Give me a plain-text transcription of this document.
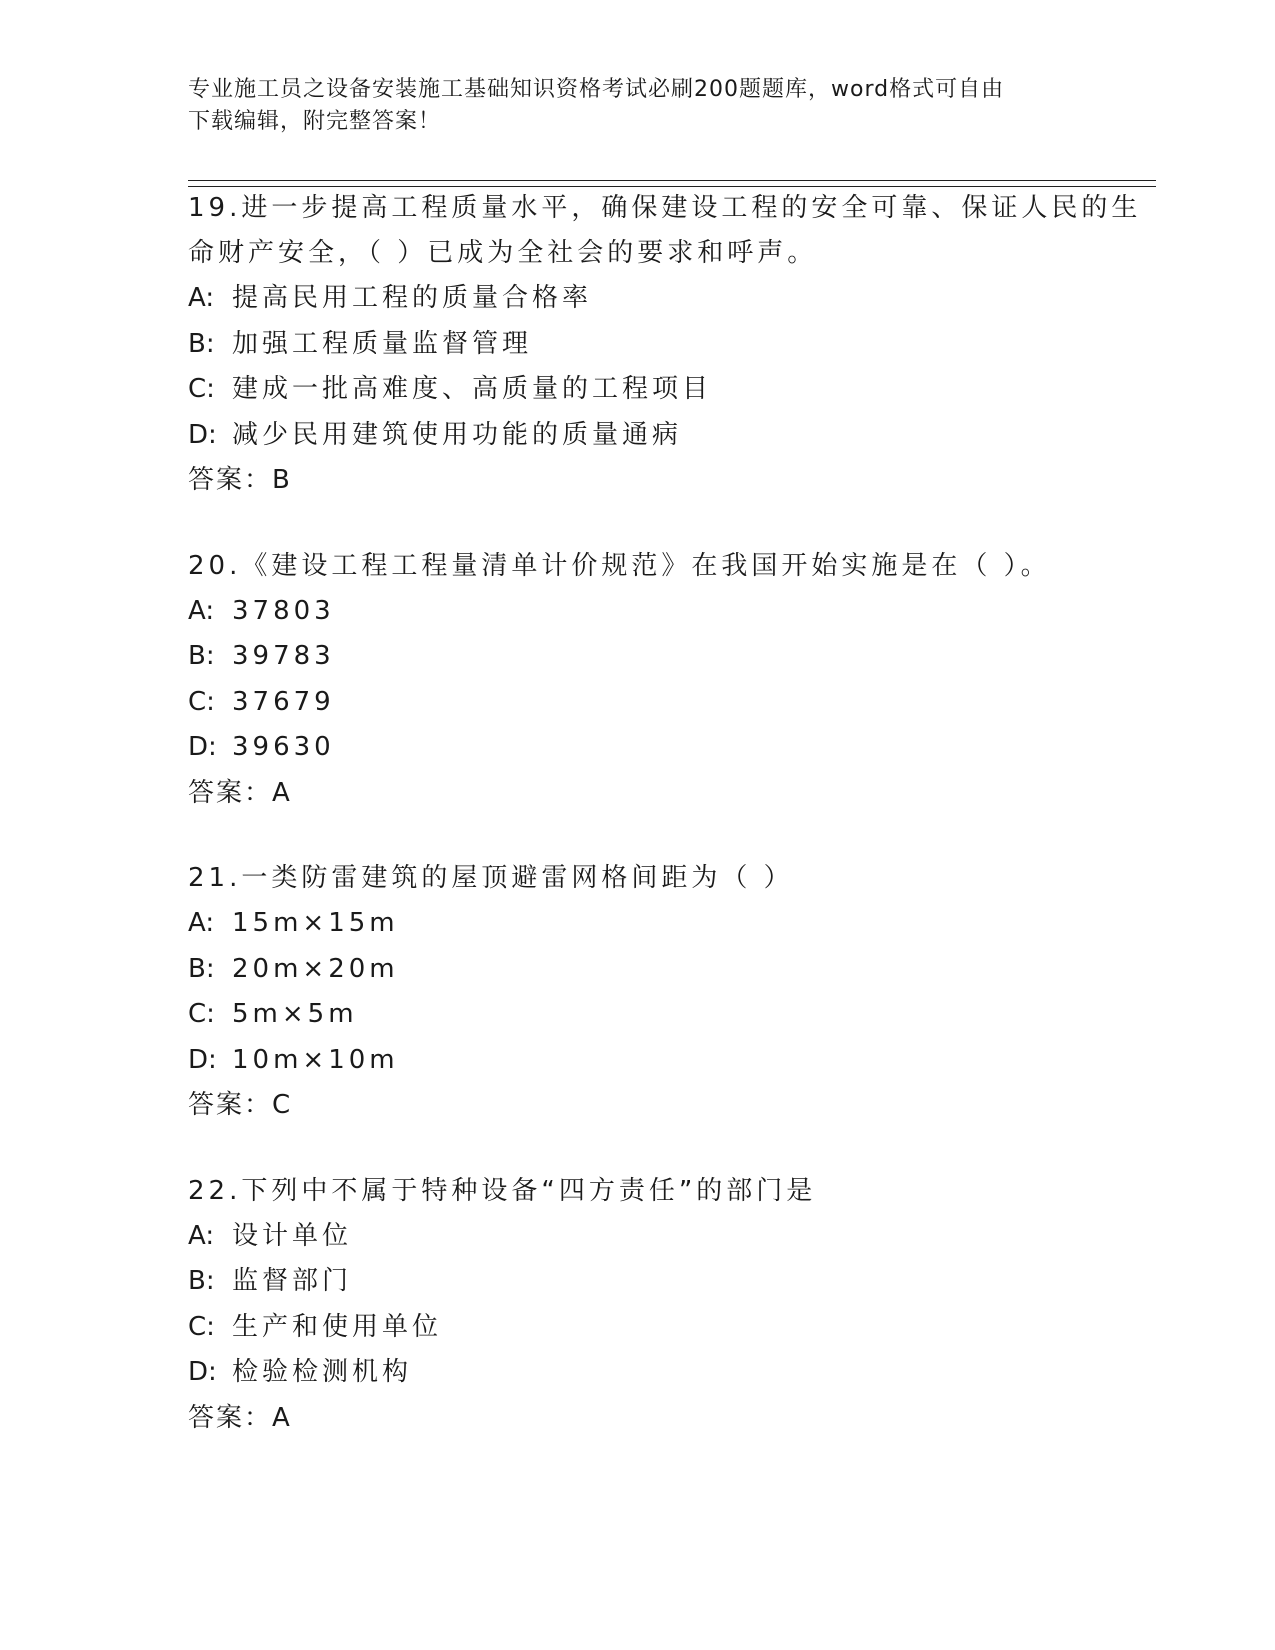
专业施工员之设备安装施工基础知识资格考试必刷200题题库，word格式可自由
下载编辑，附完整答案！

19.进一步提高工程质量水平，确保建设工程的安全可靠、保证人民的生命财产安全，（ ）已成为全社会的要求和呼声。

A: 提高民用工程的质量合格率

B: 加强工程质量监督管理

C: 建成一批高难度、高质量的工程项目

D: 减少民用建筑使用功能的质量通病

答案：B

20.《建设工程工程量清单计价规范》在我国开始实施是在（ ）。

A: 37803

B: 39783

C: 37679

D: 39630

答案：A

21.一类防雷建筑的屋顶避雷网格间距为（ ）

A: 15m×15m

B: 20m×20m

C: 5m×5m

D: 10m×10m

答案：C

22.下列中不属于特种设备“四方责任”的部门是

A: 设计单位

B: 监督部门

C: 生产和使用单位

D: 检验检测机构

答案：A
